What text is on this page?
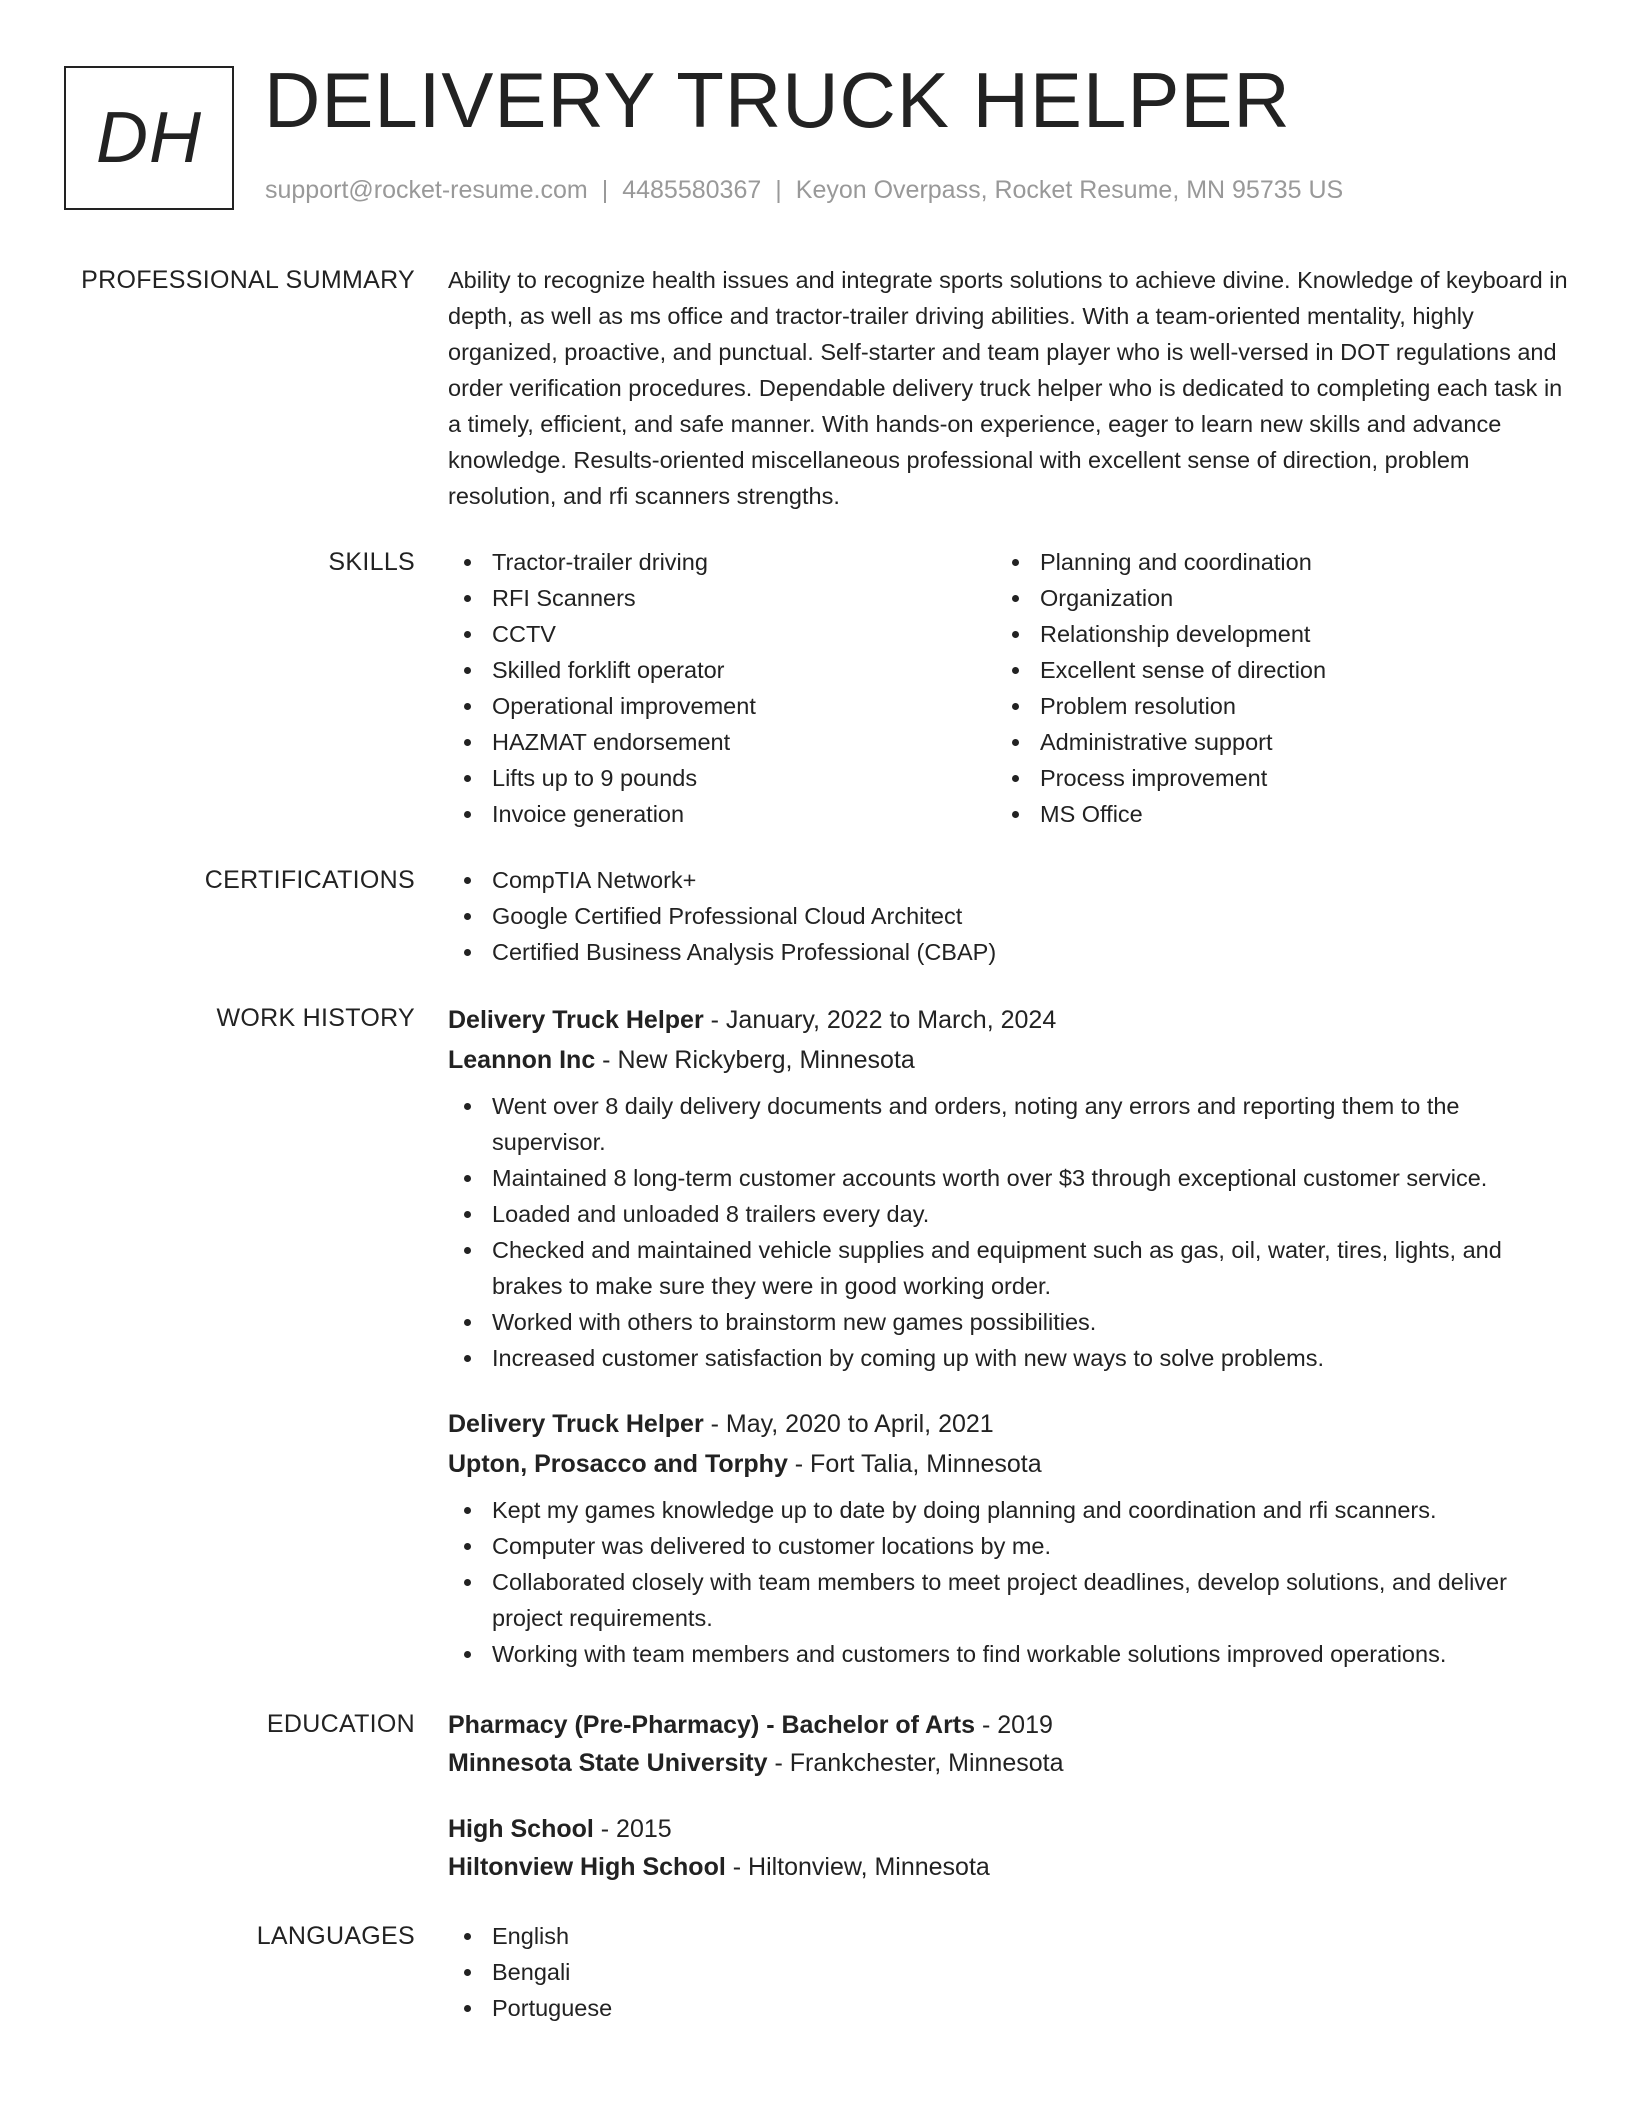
DH DELIVERY TRUCK HELPER
support@rocket-resume.com | 4485580367 | Keyon Overpass, Rocket Resume, MN 95735 US
PROFESSIONAL SUMMARY Ability to recognize health issues and integrate sports solutions to achieve divine. Knowledge of keyboard in depth, as well as ms office and tractor-trailer driving abilities. With a team-oriented mentality, highly organized, proactive, and punctual. Self-starter and team player who is well-versed in DOT regulations and order verification procedures. Dependable delivery truck helper who is dedicated to completing each task in a timely, efficient, and safe manner. With hands-on experience, eager to learn new skills and advance knowledge. Results-oriented miscellaneous professional with excellent sense of direction, problem resolution, and rfi scanners strengths.
SKILLS	Tractor-trailer driving
RFI Scanners
CCTV
Skilled forklift operator
Operational improvement
HAZMAT endorsement
Lifts up to 9 pounds
Invoice generation
Planning and coordination
Organization
Relationship development
Excellent sense of direction
Problem resolution
Administrative support
Process improvement
MS Office
CERTIFICATIONS	CompTIA Network+
Google Certified Professional Cloud Architect
Certified Business Analysis Professional (CBAP)
WORK HISTORY Delivery Truck Helper - January, 2022 to March, 2024
Leannon Inc - New Rickyberg, Minnesota
Went over 8 daily delivery documents and orders, noting any errors and reporting them to the supervisor.
Maintained 8 long-term customer accounts worth over $3 through exceptional customer service.
Loaded and unloaded 8 trailers every day.
Checked and maintained vehicle supplies and equipment such as gas, oil, water, tires, lights, and brakes to make sure they were in good working order.
Worked with others to brainstorm new games possibilities.
Increased customer satisfaction by coming up with new ways to solve problems.
Delivery Truck Helper - May, 2020 to April, 2021
Upton, Prosacco and Torphy - Fort Talia, Minnesota
Kept my games knowledge up to date by doing planning and coordination and rfi scanners.
Computer was delivered to customer locations by me.
Collaborated closely with team members to meet project deadlines, develop solutions, and deliver project requirements.
Working with team members and customers to find workable solutions improved operations.
EDUCATION Pharmacy (Pre-Pharmacy) - Bachelor of Arts - 2019
Minnesota State University - Frankchester, Minnesota
High School - 2015
Hiltonview High School - Hiltonview, Minnesota
LANGUAGES	English
Bengali
Portuguese
